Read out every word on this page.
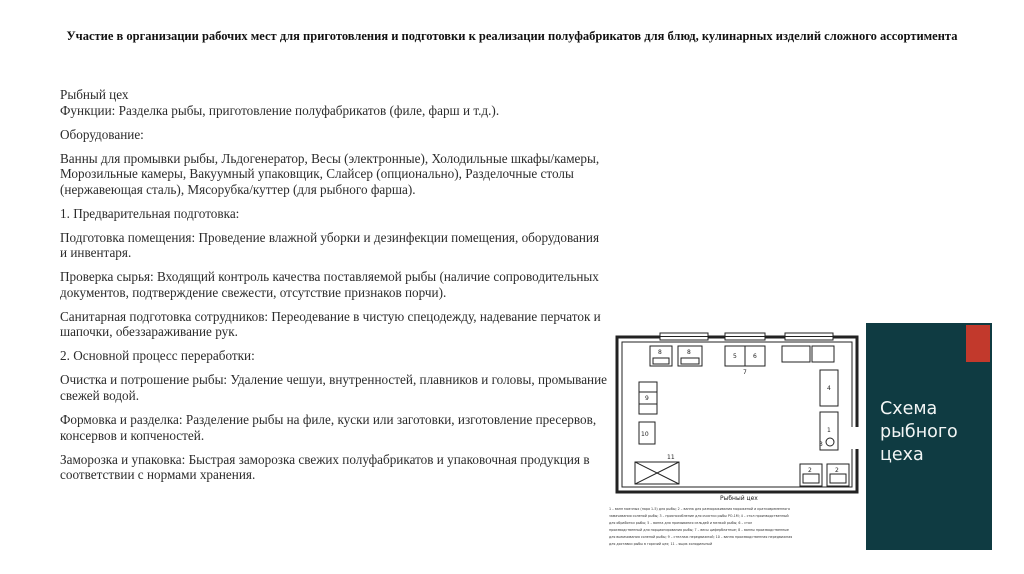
Участие в организации рабочих мест для приготовления и подготовки к реализации полуфабрикатов для блюд, кулинарных изделий сложного ассортимента

Рыбный цех

Функции: Разделка рыбы, приготовление полуфабрикатов (филе, фарш и т.д.).

Оборудование:

Ванны для промывки рыбы, Льдогенератор, Весы (электронные), Холодильные шкафы/камеры, Морозильные камеры, Вакуумный упаковщик, Слайсер (опционально), Разделочные столы (нержавеющая сталь), Мясорубка/куттер (для рыбного фарша).

1. Предварительная подготовка:

Подготовка помещения: Проведение влажной уборки и дезинфекции помещения, оборудования и инвентаря.

Проверка сырья: Входящий контроль качества поставляемой рыбы (наличие сопроводительных документов, подтверждение свежести, отсутствие признаков порчи).

Санитарная подготовка сотрудников: Переодевание в чистую спецодежду, надевание перчаток и шапочки, обеззараживание рук.

2. Основной процесс переработки:

Очистка и потрошение рыбы: Удаление чешуи, внутренностей, плавников и головы, промывание свежей водой.

Формовка и разделка: Разделение рыбы на филе, куски или заготовки, изготовление пресервов, консервов и копченостей.

Заморозка и упаковка: Быстрая заморозка свежих полуфабрикатов и упаковочная продукция в соответствии с нормами хранения.

8	8
5	6
7
9
4
10
1
3
2	2
11
Рыбный цех
1 – ванн моечных (пара 1-5) для рыбы; 2 – ванна для размораживания мороженой и кратковременного
замачивания соленой рыбы; 3 – приспособление для очистки рыбы РО-1М; 4 – стол производственный
для обработки рыбы; 5 – ванна для промывания сельдей и мелкой рыбы; 6 – стол
производственный для порционирования рыбы; 7 – весы циферблатные; 8 – ванны производственные
для вымачивания соленой рыбы; 9 – стеллаж передвижной; 10 – ванна производственная передвижная
для доставки рыбы в горячий цех; 11 – ящик холодильный
Схема
рыбного
цеха
